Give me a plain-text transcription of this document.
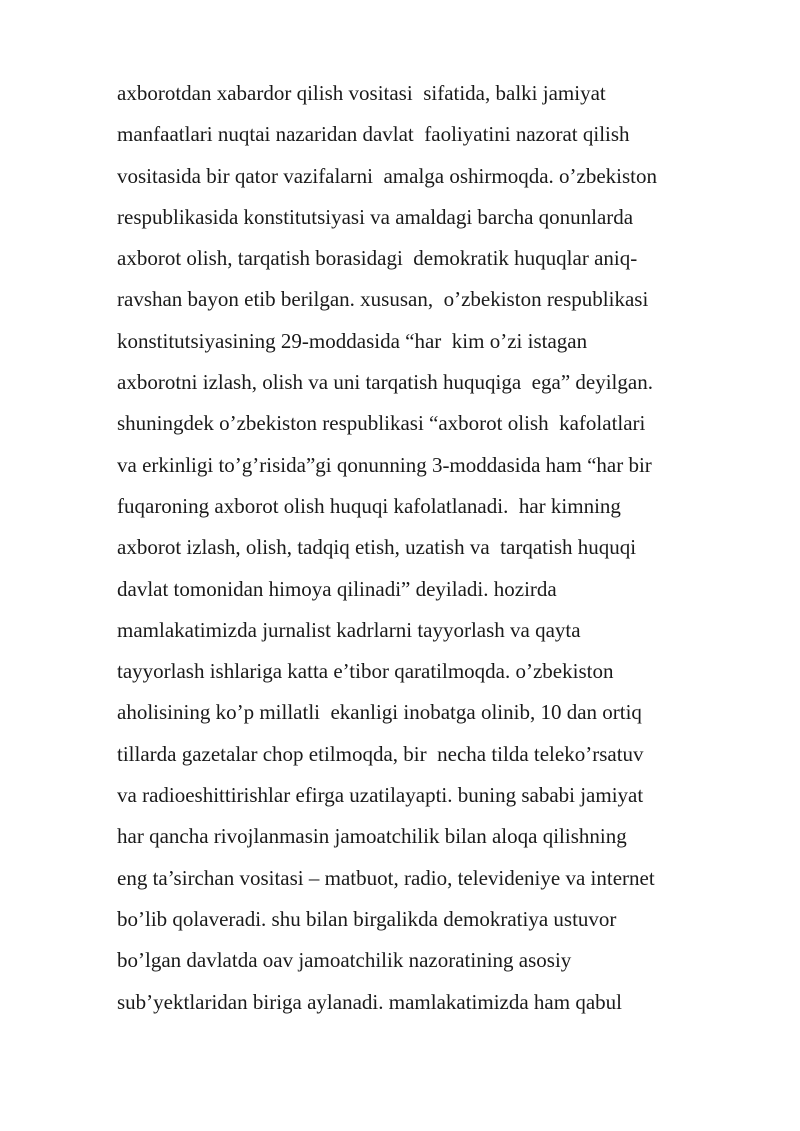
axborotdan xabardor qilish vositasi  sifatida, balki jamiyat
manfaatlari nuqtai nazaridan davlat  faoliyatini nazorat qilish
vositasida bir qator vazifalarni  amalga oshirmoqda. o’zbekiston
respublikasida konstitutsiyasi va amaldagi barcha qonunlarda
axborot olish, tarqatish borasidagi  demokratik huquqlar aniq-
ravshan bayon etib berilgan. xususan,  o’zbekiston respublikasi
konstitutsiyasining 29-moddasida “har  kim o’zi istagan
axborotni izlash, olish va uni tarqatish huquqiga  ega” deyilgan.
shuningdek o’zbekiston respublikasi “axborot olish  kafolatlari
va erkinligi to’g’risida”gi qonunning 3-moddasida ham “har bir
fuqaroning axborot olish huquqi kafolatlanadi.  har kimning
axborot izlash, olish, tadqiq etish, uzatish va  tarqatish huquqi
davlat tomonidan himoya qilinadi” deyiladi. hozirda
mamlakatimizda jurnalist kadrlarni tayyorlash va qayta
tayyorlash ishlariga katta e’tibor qaratilmoqda. o’zbekiston
aholisining ko’p millatli  ekanligi inobatga olinib, 10 dan ortiq
tillarda gazetalar chop etilmoqda, bir  necha tilda teleko’rsatuv
va radioeshittirishlar efirga uzatilayapti. buning sababi jamiyat
har qancha rivojlanmasin jamoatchilik bilan aloqa qilishning
eng ta’sirchan vositasi – matbuot, radio, televideniye va internet
bo’lib qolaveradi. shu bilan birgalikda demokratiya ustuvor
bo’lgan davlatda oav jamoatchilik nazoratining asosiy
sub’yektlaridan biriga aylanadi. mamlakatimizda ham qabul
